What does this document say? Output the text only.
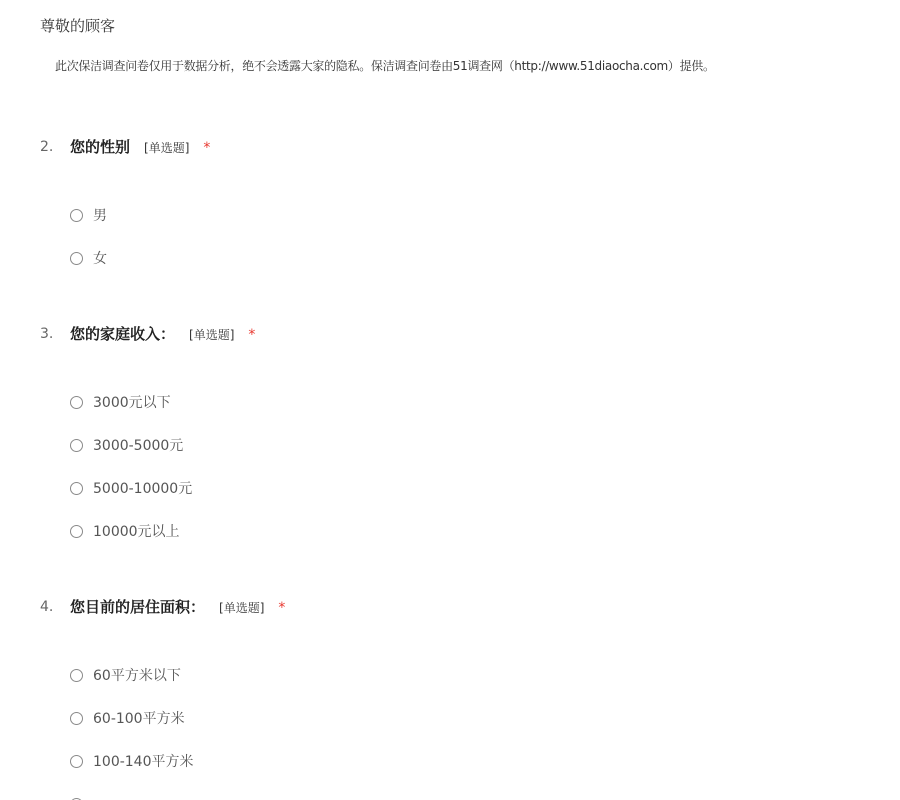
尊敬的顾客
此次保洁调查问卷仅用于数据分析，绝不会透露大家的隐私。保洁调查问卷由51调查网（http://www.51diaocha.com）提供。
2. 您的性别 [单选题] *
男
女
3. 您的家庭收入： [单选题] *
3000元以下
3000-5000元
5000-10000元
10000元以上
4. 您目前的居住面积： [单选题] *
60平方米以下
60-100平方米
100-140平方米
